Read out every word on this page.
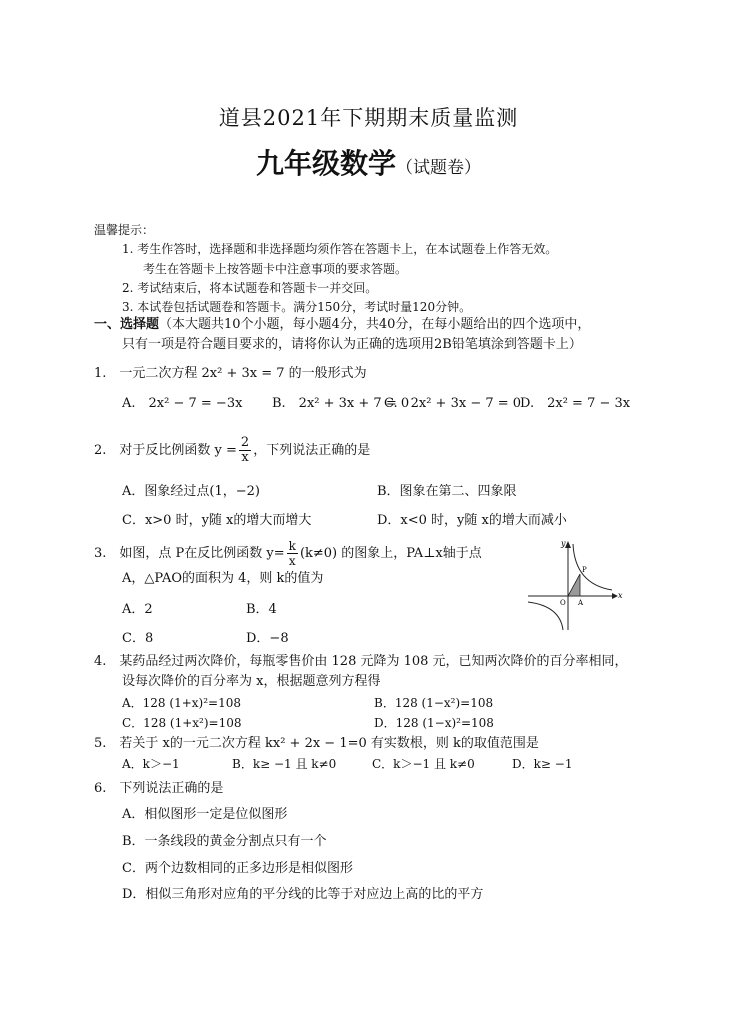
道县2021年下期期末质量监测
九年级数学（试题卷）
温馨提示：
1. 考生作答时，选择题和非选择题均须作答在答题卡上，在本试题卷上作答无效。
考生在答题卡上按答题卡中注意事项的要求答题。
2. 考试结束后，将本试题卷和答题卡一并交回。
3. 本试卷包括试题卷和答题卡。满分150分，考试时量120分钟。
一、选择题（本大题共10个小题，每小题4分，共40分，在每小题给出的四个选项中，
只有一项是符合题目要求的，请将你认为正确的选项用2B铅笔填涂到答题卡上）
1.　一元二次方程 2x² + 3x = 7 的一般形式为
A.　2x² − 7 = −3x B.　2x² + 3x + 7 = 0
C.　2x² + 3x − 7 = 0
D.　2x² = 7 − 3x
2.　对于反比例函数 $y = \frac{2}{x}$ ，下列说法正确的是
A．图象经过点(1，−2)	B．图象在第二、四象限
C．x>0 时，y随 x的增大而增大	D．x<0 时，y随 x的增大而减小
3.　如图，点 P在反比例函数 $y= \frac{k}{x} (k\ne 0)$ 的图象上，PA⊥x轴于点
A，△PAO的面积为 4，则 k的值为
A．2	B．4
C．8	D．−8
y
x
O
P
A
4.　某药品经过两次降价，每瓶零售价由 128 元降为 108 元，已知两次降价的百分率相同，
设每次降价的百分率为 x，根据题意列方程得
A．128 (1+x)²=108	B．128 (1−x²)=108
C．128 (1+x²)=108	D．128 (1−x)²=108
5.　若关于 x的一元二次方程 kx² + 2x − 1=0 有实数根，则 k的取值范围是
A．k＞−1	B．k≥ −1 且 k≠0	C．k＞−1 且 k≠0	D．k≥ −1
6.　下列说法正确的是
A．相似图形一定是位似图形
B．一条线段的黄金分割点只有一个
C．两个边数相同的正多边形是相似图形
D．相似三角形对应角的平分线的比等于对应边上高的比的平方
